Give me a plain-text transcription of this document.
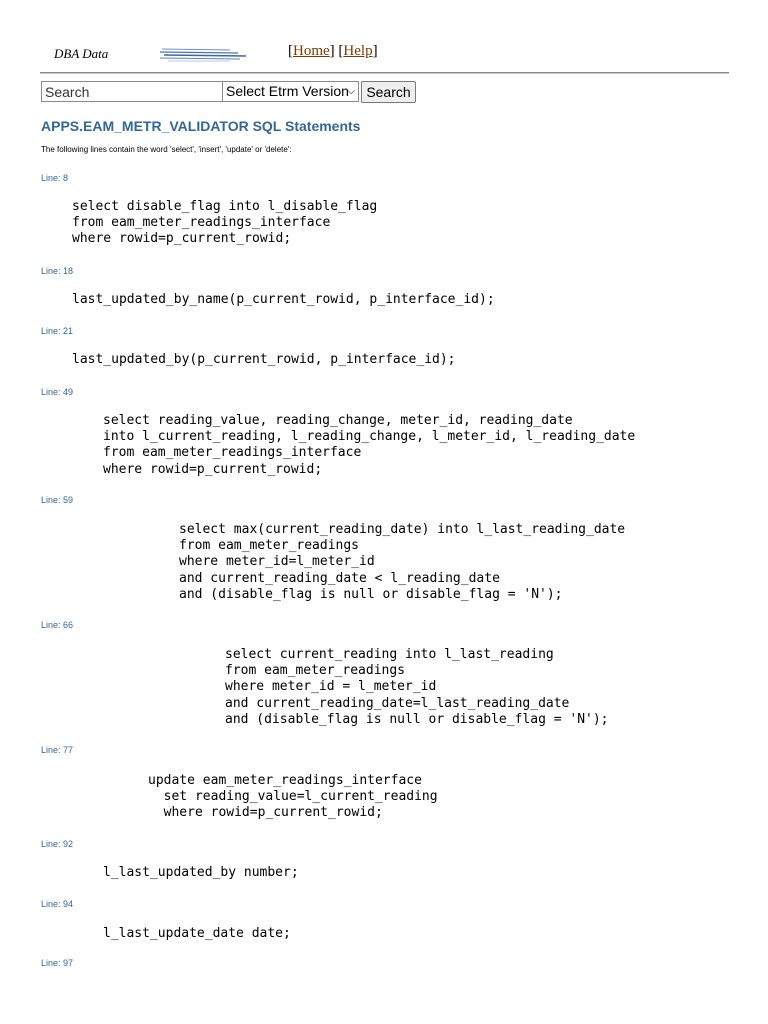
DBA Data	[Home] [Help]
Search
Select Etrm Version
⌵ Search
APPS.EAM_METR_VALIDATOR SQL Statements
The following lines contain the word 'select', 'insert', 'update' or 'delete':
Line: 8
select disable_flag into l_disable_flag
from eam_meter_readings_interface
where rowid=p_current_rowid;
Line: 18
last_updated_by_name(p_current_rowid, p_interface_id);
Line: 21
last_updated_by(p_current_rowid, p_interface_id);
Line: 49
select reading_value, reading_change, meter_id, reading_date
into l_current_reading, l_reading_change, l_meter_id, l_reading_date
from eam_meter_readings_interface
where rowid=p_current_rowid;
Line: 59
select max(current_reading_date) into l_last_reading_date
from eam_meter_readings
where meter_id=l_meter_id
and current_reading_date < l_reading_date
and (disable_flag is null or disable_flag = 'N');
Line: 66
select current_reading into l_last_reading
from eam_meter_readings
where meter_id = l_meter_id
and current_reading_date=l_last_reading_date
and (disable_flag is null or disable_flag = 'N');
Line: 77
update eam_meter_readings_interface
set reading_value=l_current_reading
where rowid=p_current_rowid;
Line: 92
l_last_updated_by number;
Line: 94
l_last_update_date date;
Line: 97
